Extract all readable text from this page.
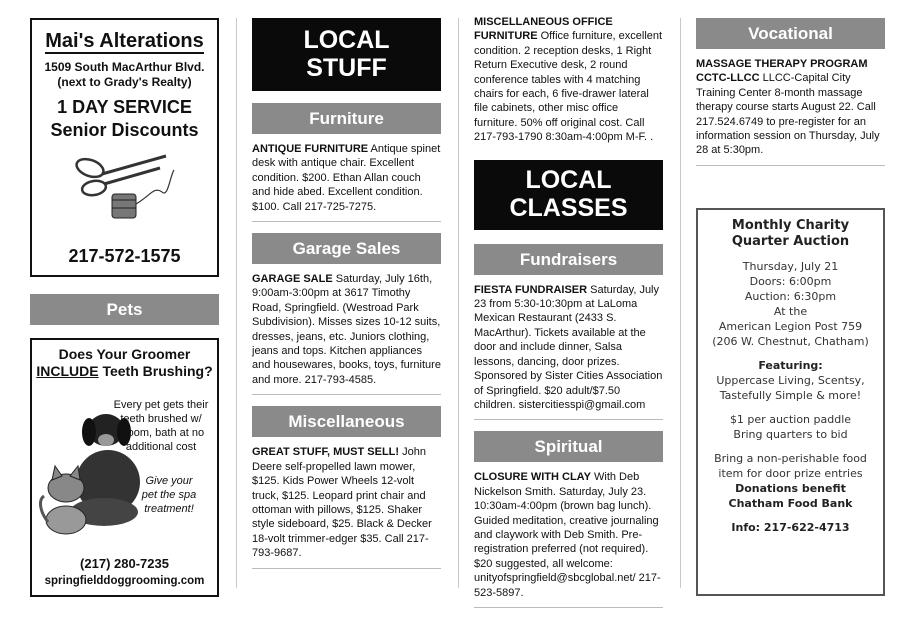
Mai's Alterations
1509 South MacArthur Blvd.
(next to Grady's Realty)
1 DAY SERVICE
Senior Discounts
217-572-1575
Pets
Does Your Groomer
INCLUDE Teeth Brushing?
Every pet gets their
teeth brushed w/
groom, bath at no
additional cost
Give your
pet the spa
treatment!
(217) 280-7235
springfielddoggrooming.com
LOCAL STUFF
Furniture
ANTIQUE FURNITURE Antique spinet desk with antique chair. Excellent condition. $200. Ethan Allan couch and hide abed. Excellent condition. $100. Call 217-725-7275.
Garage Sales
GARAGE SALE Saturday, July 16th, 9:00am-3:00pm at 3617 Timothy Road, Springfield. (Westroad Park Subdivision). Misses sizes 10-12 suits, dresses, jeans, etc. Juniors clothing, jeans and tops. Kitchen appliances and housewares, books, toys, furniture and more. 217-793-4585.
Miscellaneous
GREAT STUFF, MUST SELL! John Deere self-propelled lawn mower, $125. Kids Power Wheels 12-volt truck, $125. Leopard print chair and ottoman with pillows, $125. Shaker style sideboard, $25. Black & Decker 18-volt trimmer-edger $35. Call 217-793-9687.
MISCELLANEOUS OFFICE FURNITURE Office furniture, excellent condition. 2 reception desks, 1 Right Return Executive desk, 2 round conference tables with 4 matching chairs for each, 6 five-drawer lateral file cabinets, other misc office furniture. 50% off original cost. Call 217-793-1790 8:30am-4:00pm M-F. .
LOCAL CLASSES
Fundraisers
FIESTA FUNDRAISER Saturday, July 23 from 5:30-10:30pm at LaLoma Mexican Restaurant (2433 S. MacArthur). Tickets available at the door and include dinner, Salsa lessons, dancing, door prizes. Sponsored by Sister Cities Association of Springfield. $20 adult/$7.50 children. sistercitiesspi@gmail.com
Spiritual
CLOSURE WITH CLAY With Deb Nickelson Smith. Saturday, July 23. 10:30am-4:00pm (brown bag lunch). Guided meditation, creative journaling and claywork with Deb Smith. Pre-registration preferred (not required). $20 suggested, all welcome: unityofspringfield@sbcglobal.net/ 217-523-5897.
Vocational
MASSAGE THERAPY PROGRAM CCTC-LLCC LLCC-Capital City Training Center 8-month massage therapy course starts August 22. Call 217.524.6749 to pre-register for an information session on Thursday, July 28 at 5:30pm.
Monthly Charity
Quarter Auction
Thursday, July 21
Doors: 6:00pm
Auction: 6:30pm
At the
American Legion Post 759
(206 W. Chestnut, Chatham)
Featuring:
Uppercase Living, Scentsy,
Tastefully Simple & more!
$1 per auction paddle
Bring quarters to bid
Bring a non-perishable food
item for door prize entries
Donations benefit
Chatham Food Bank
Info: 217-622-4713
